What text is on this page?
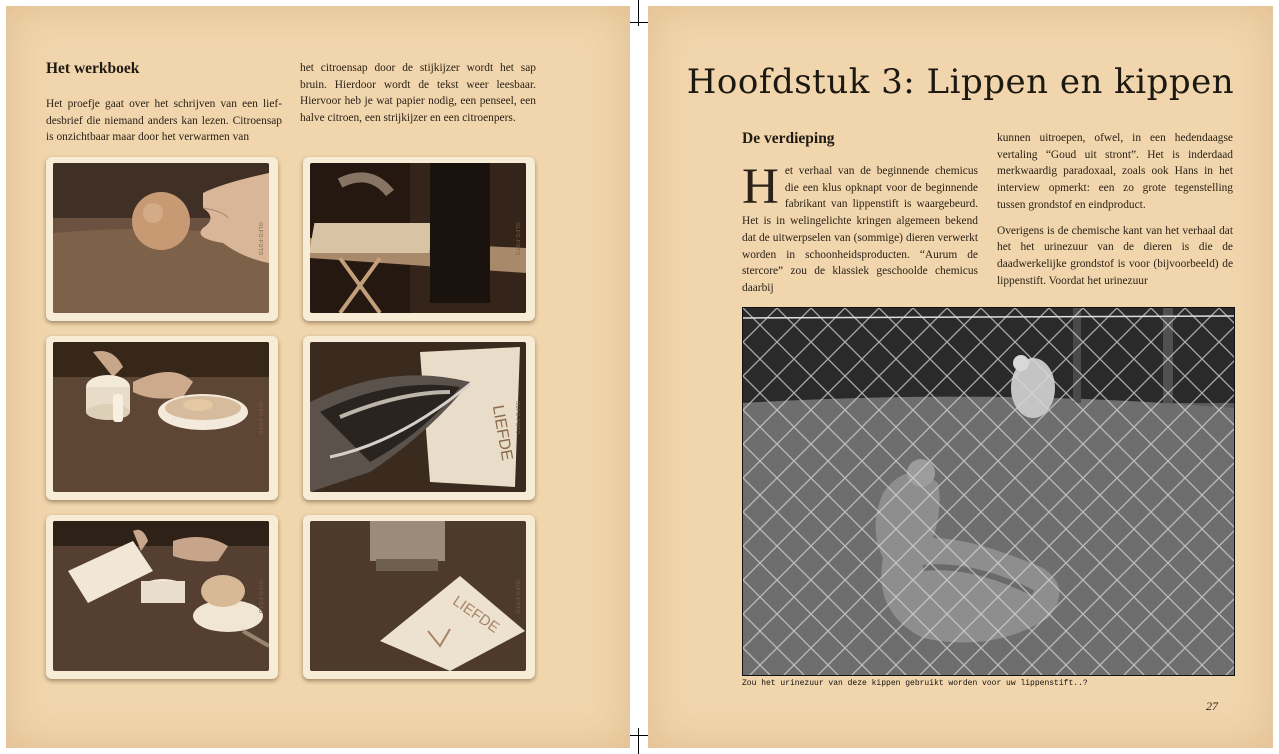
Het werkboek

Het proefje gaat over het schrijven van een liefdesbrief die niemand anders kan lezen. Citroensap is onzichtbaar maar door het verwarmen van

het citroensap door de stijkijzer wordt het sap bruin. Hierdoor wordt de tekst weer leesbaar. Hiervoor heb je wat papier nodig, een penseel, een halve citroen, een strijkijzer en een citroenpers.

OLFO-FOTO	OLFO-FOTO
OLFO-FOTO	LIEFDE
OLFO-FOTO
OLFO-FOTO	LIEFDE OLFO-FOTO
Hoofdstuk 3: Lippen en kippen
De verdieping

Het verhaal van de beginnende chemicus die een klus opknapt voor de beginnende fabrikant van lippenstift is waargebeurd. Het is in welingelichte kringen algemeen bekend dat de uitwerpselen van (sommige) dieren verwerkt worden in schoonheidsproducten. “Aurum de stercore” zou de klassiek geschoolde chemicus daarbij

kunnen uitroepen, ofwel, in een hedendaagse vertaling “Goud uit stront”. Het is inderdaad merkwaardig paradoxaal, zoals ook Hans in het interview opmerkt: een zo grote tegenstelling tussen grondstof en eindproduct.

Overigens is de chemische kant van het verhaal dat het het urinezuur van de dieren is die de daadwerkelijke grondstof is voor (bijvoorbeeld) de lippenstift. Voordat het urinezuur

Zou het urinezuur van deze kippen gebruikt worden voor uw lippenstift..?
27
